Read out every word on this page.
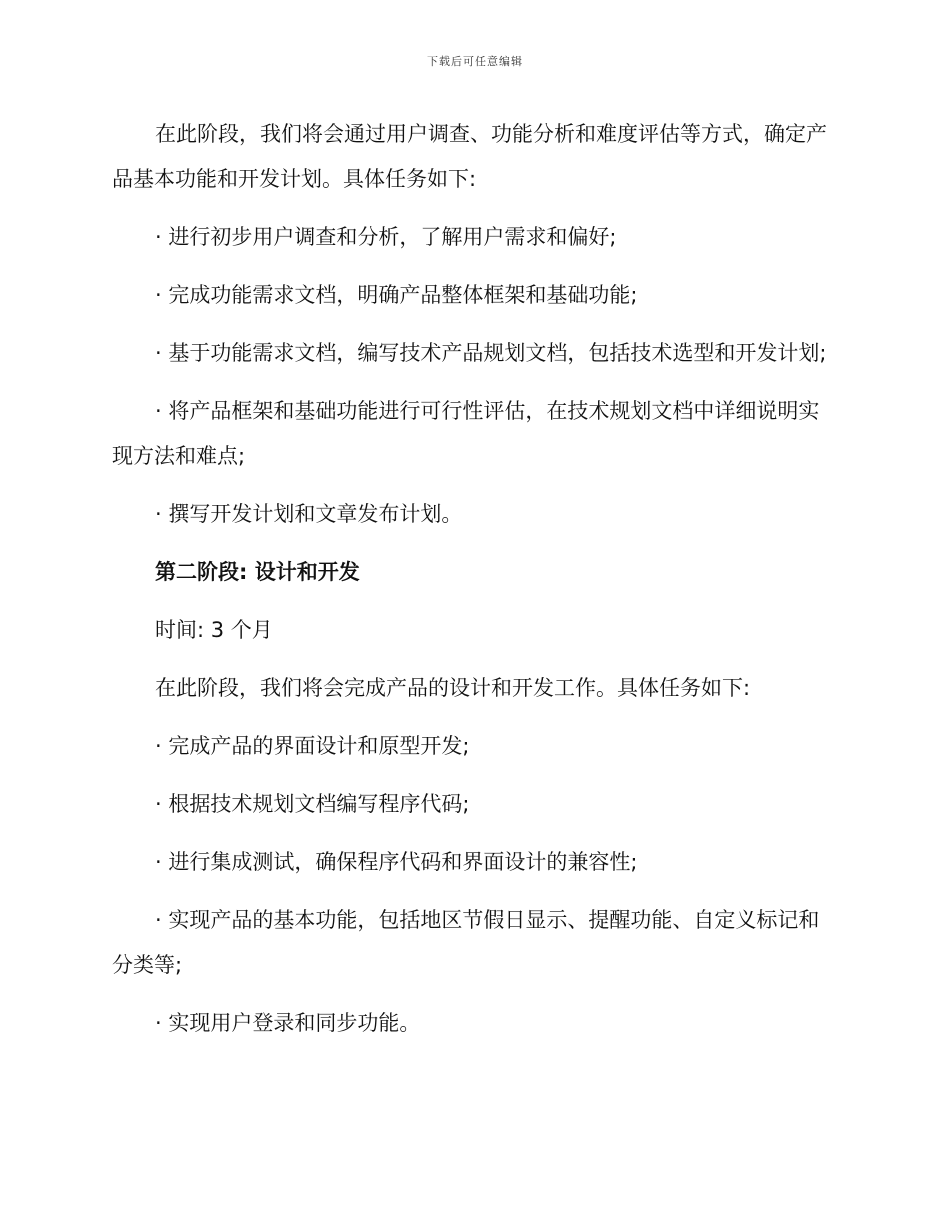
下载后可任意编辑

在此阶段，我们将会通过用户调查、功能分析和难度评估等方式，确定产品基本功能和开发计划。具体任务如下:

· 进行初步用户调查和分析，了解用户需求和偏好;

· 完成功能需求文档，明确产品整体框架和基础功能;

· 基于功能需求文档，编写技术产品规划文档，包括技术选型和开发计划;

· 将产品框架和基础功能进行可行性评估，在技术规划文档中详细说明实现方法和难点;

· 撰写开发计划和文章发布计划。

第二阶段: 设计和开发

时间: 3 个月

在此阶段，我们将会完成产品的设计和开发工作。具体任务如下:

· 完成产品的界面设计和原型开发;

· 根据技术规划文档编写程序代码;

· 进行集成测试，确保程序代码和界面设计的兼容性;

· 实现产品的基本功能，包括地区节假日显示、提醒功能、自定义标记和分类等;

· 实现用户登录和同步功能。
